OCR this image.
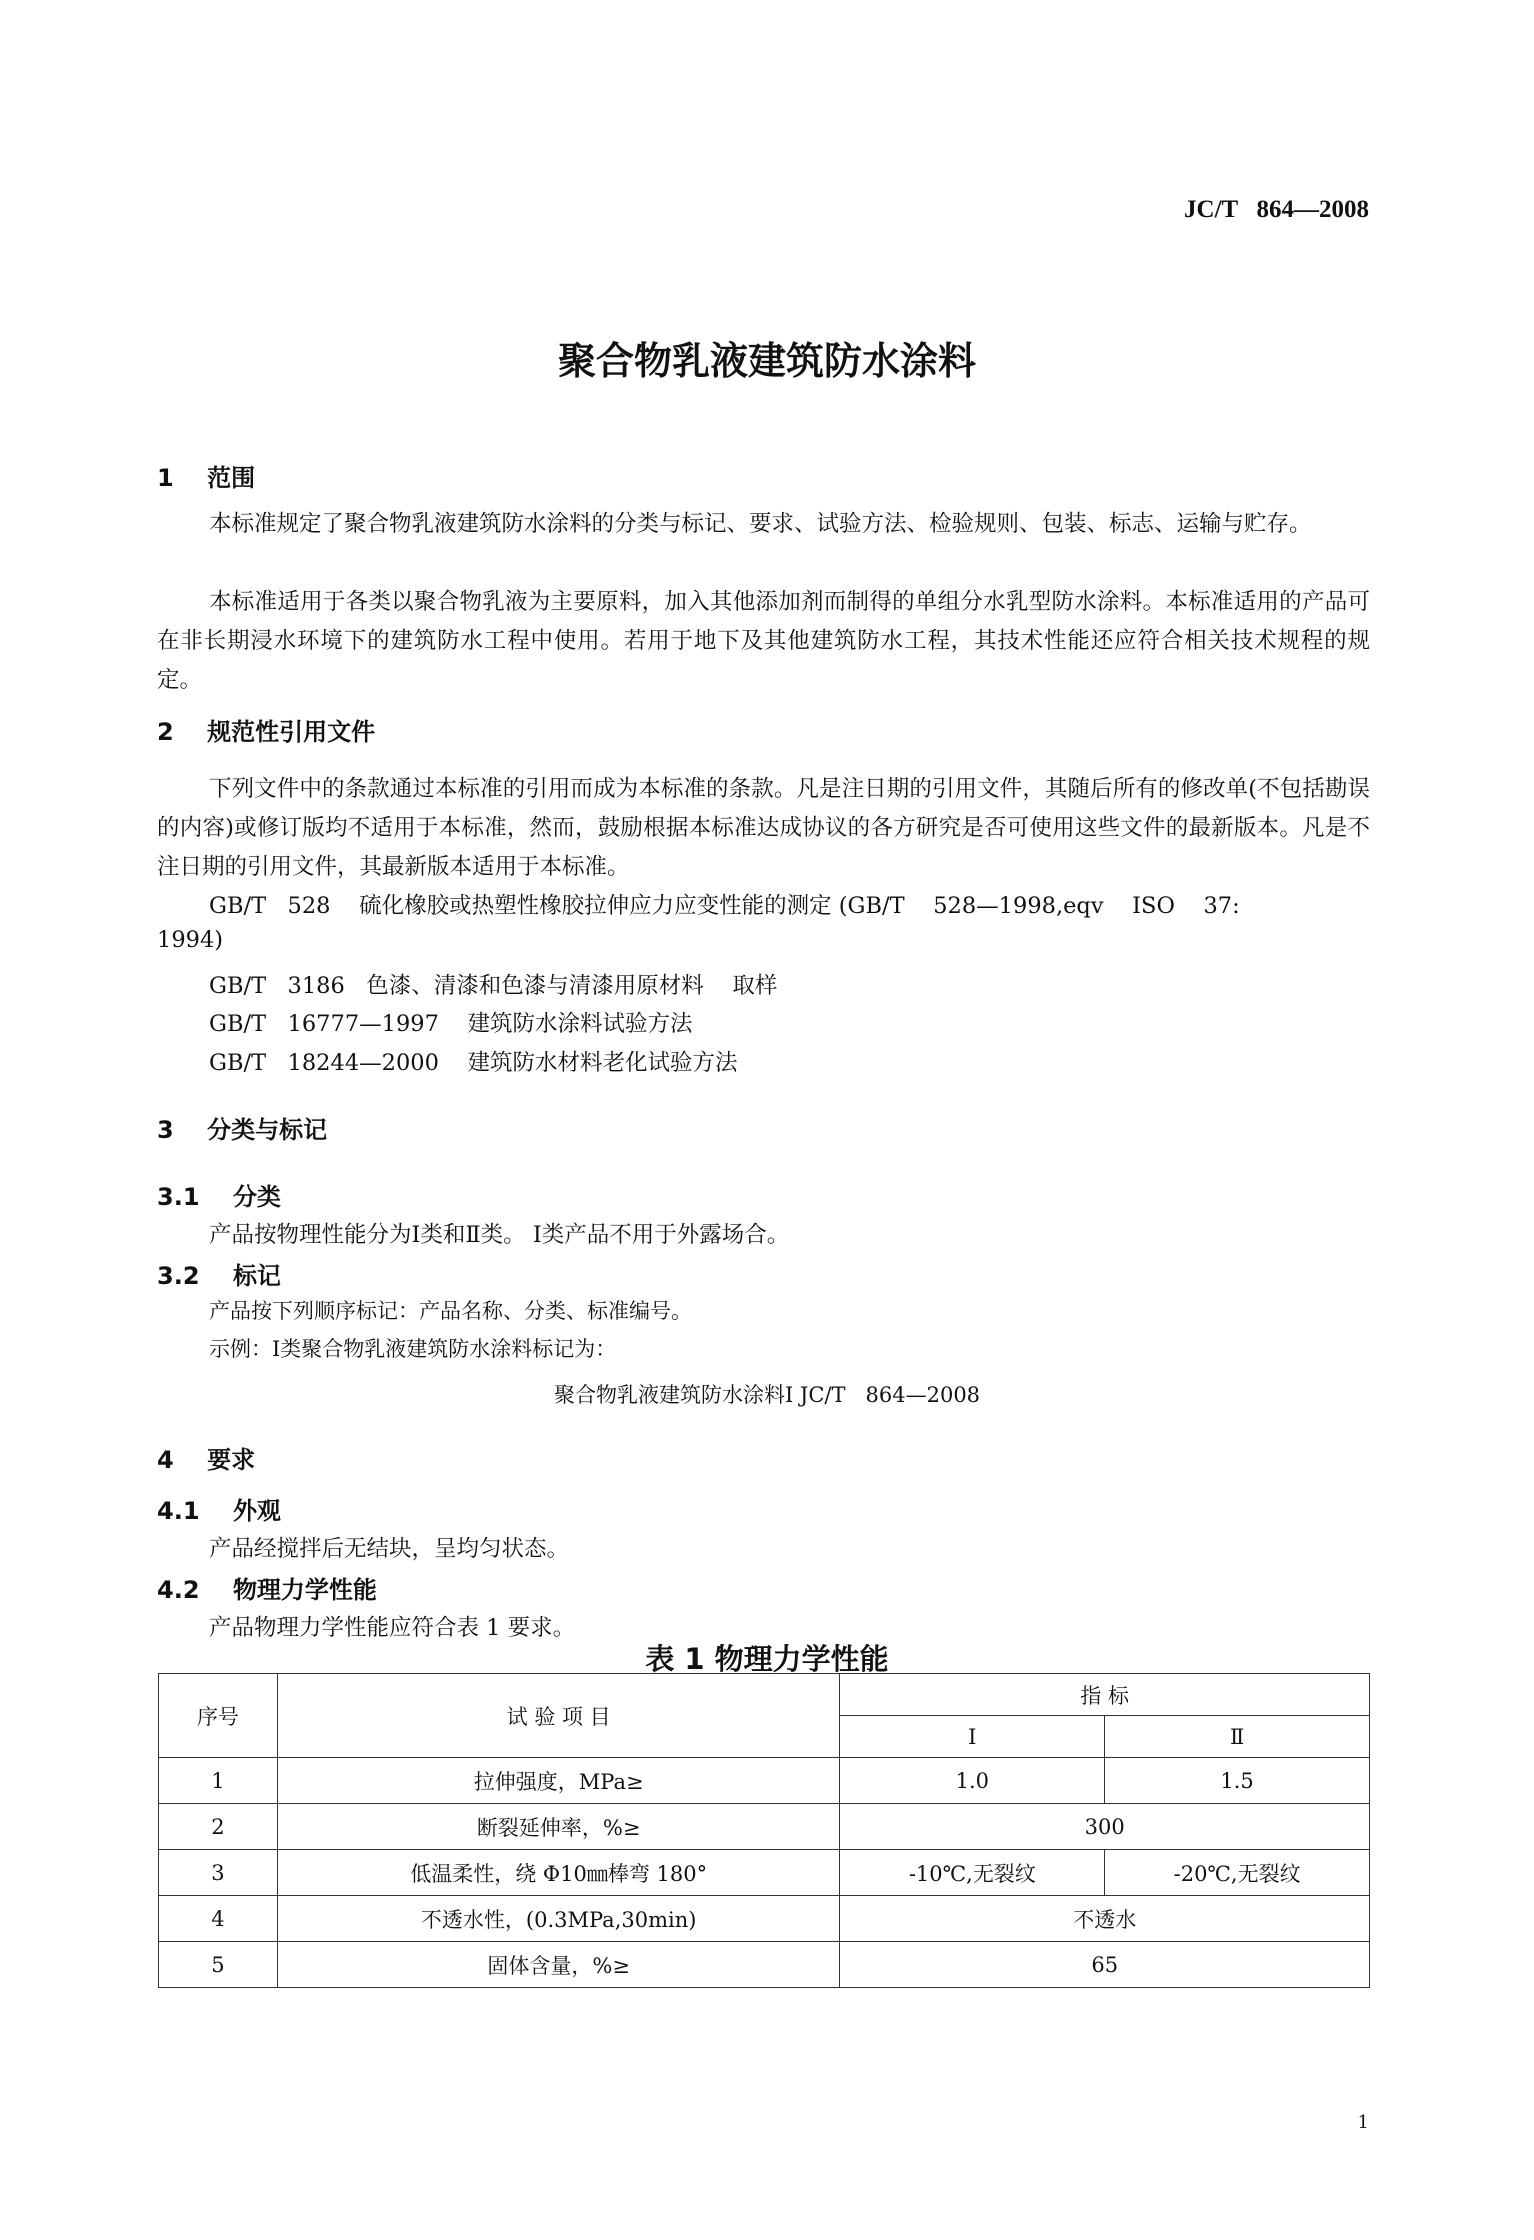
JC/T   864—2008
聚合物乳液建筑防水涂料
1    范围
本标准规定了聚合物乳液建筑防水涂料的分类与标记、要求、试验方法、检验规则、包装、标志、运输与贮存。
本标准适用于各类以聚合物乳液为主要原料，加入其他添加剂而制得的单组分水乳型防水涂料。本标准适用的产品可在非长期浸水环境下的建筑防水工程中使用。若用于地下及其他建筑防水工程，其技术性能还应符合相关技术规程的规定。
2    规范性引用文件
下列文件中的条款通过本标准的引用而成为本标准的条款。凡是注日期的引用文件，其随后所有的修改单(不包括勘误的内容)或修订版均不适用于本标准，然而，鼓励根据本标准达成协议的各方研究是否可使用这些文件的最新版本。凡是不注日期的引用文件，其最新版本适用于本标准。
GB/T   528    硫化橡胶或热塑性橡胶拉伸应力应变性能的测定 (GB/T    528—1998,eqv    ISO    37:
1994)
GB/T   3186   色漆、清漆和色漆与清漆用原材料    取样
GB/T   16777—1997    建筑防水涂料试验方法
GB/T   18244—2000    建筑防水材料老化试验方法
3    分类与标记
3.1    分类
产品按物理性能分为Ⅰ类和Ⅱ类。 Ⅰ类产品不用于外露场合。
3.2    标记
产品按下列顺序标记：产品名称、分类、标准编号。
示例：Ⅰ类聚合物乳液建筑防水涂料标记为：
聚合物乳液建筑防水涂料Ⅰ JC/T   864—2008
4    要求
4.1    外观
产品经搅拌后无结块，呈均匀状态。
4.2    物理力学性能
产品物理力学性能应符合表 1 要求。
表 1 物理力学性能
序号	试 验 项 目	指 标	
		Ⅰ	Ⅱ
1	拉伸强度，MPa≥	1.0	1.5
2	断裂延伸率，%≥	300	
3	低温柔性，绕 Φ10㎜棒弯 180°	-10℃,无裂纹	-20℃,无裂纹
4	不透水性，(0.3MPa,30min)	不透水	
5	固体含量，%≥	65	
1
